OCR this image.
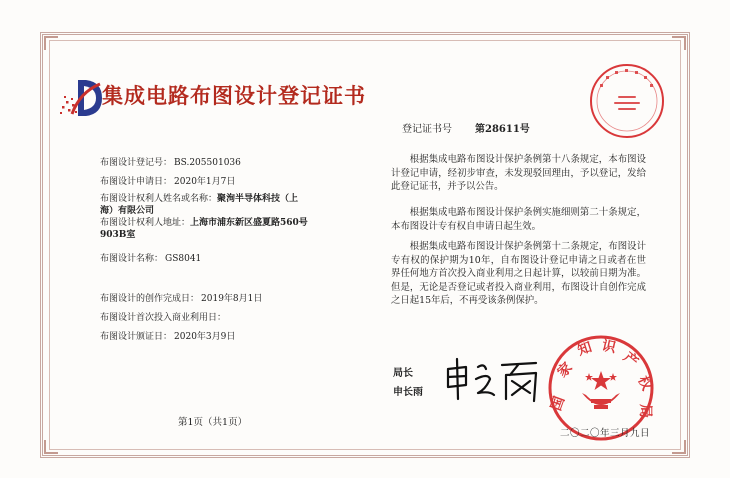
集成电路布图设计登记证书
登记证书号 第28611号
布图设计登记号： BS.205501036
布图设计申请日： 2020年1月7日
布图设计权利人姓名或名称：聚洵半导体科技（上海）有限公司
布图设计权利人地址：上海市浦东新区盛夏路560号903B室
布图设计名称： GS8041
布图设计的创作完成日： 2019年8月1日
布图设计首次投入商业利用日：
布图设计颁证日： 2020年3月9日

根据集成电路布图设计保护条例第十八条规定，本布图设计登记申请，经初步审查，未发现驳回理由，予以登记，发给此登记证书，并予以公告。

根据集成电路布图设计保护条例实施细则第二十条规定，本布图设计专有权自申请日起生效。

根据集成电路布图设计保护条例第十二条规定，布图设计专有权的保护期为10年，自布图设计登记申请之日或者在世界任何地方首次投入商业利用之日起计算，以较前日期为准。但是，无论是否登记或者投入商业利用，布图设计自创作完成之日起15年后，不再受该条例保护。

局长
申长雨
国
家
知 识
产
权
局
二〇二〇年三月九日
第1页（共1页）
